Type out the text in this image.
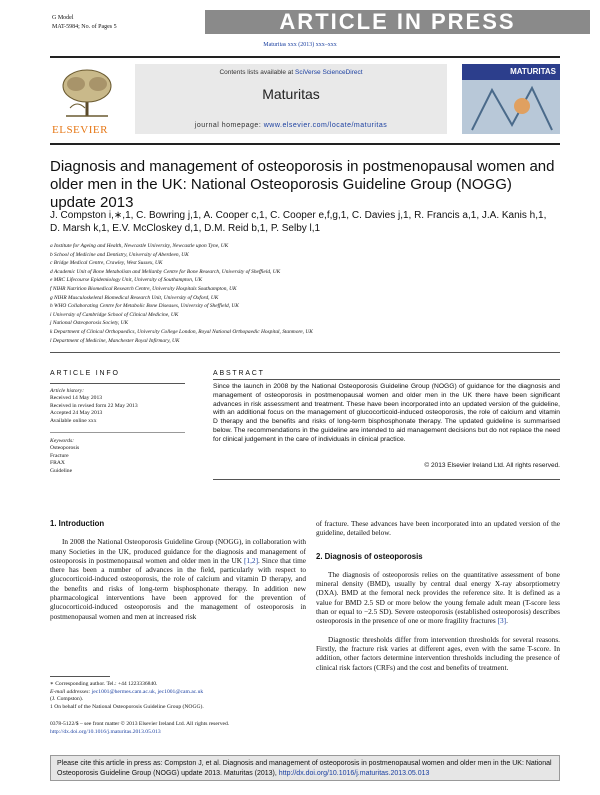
G Model
MAT-5984; No. of Pages 5	ARTICLE IN PRESS
Maturitas xxx (2013) xxx–xxx
ELSEVIER
Contents lists available at SciVerse ScienceDirect
Maturitas
journal homepage: www.elsevier.com/locate/maturitas
MATURITAS
Diagnosis and management of osteoporosis in postmenopausal women and older men in the UK: National Osteoporosis Guideline Group (NOGG) update 2013
J. Compston i,∗,1, C. Bowring j,1, A. Cooper c,1, C. Cooper e,f,g,1, C. Davies j,1, R. Francis a,1, J.A. Kanis h,1,
D. Marsh k,1, E.V. McCloskey d,1, D.M. Reid b,1, P. Selby l,1
a Institute for Ageing and Health, Newcastle University, Newcastle upon Tyne, UK
b School of Medicine and Dentistry, University of Aberdeen, UK
c Bridge Medical Centre, Crawley, West Sussex, UK
d Academic Unit of Bone Metabolism and Mellanby Centre for Bone Research, University of Sheffield, UK
e MRC Lifecourse Epidemiology Unit, University of Southampton, UK
f NIHR Nutrition Biomedical Research Centre, University Hospitals Southampton, UK
g NIHR Musculoskeletal Biomedical Research Unit, University of Oxford, UK
h WHO Collaborating Centre for Metabolic Bone Diseases, University of Sheffield, UK
i University of Cambridge School of Clinical Medicine, UK
j National Osteoporosis Society, UK
k Department of Clinical Orthopaedics, University College London, Royal National Orthopaedic Hospital, Stanmore, UK
l Department of Medicine, Manchester Royal Infirmary, UK
ARTICLE INFO
Article history:
Received 14 May 2013
Received in revised form 22 May 2013
Accepted 24 May 2013
Available online xxx
Keywords:
Osteoporosis
Fracture
FRAX
Guideline
ABSTRACT
Since the launch in 2008 by the National Osteoporosis Guideline Group (NOGG) of guidance for the diagnosis and management of osteoporosis in postmenopausal women and older men in the UK there have been significant advances in risk assessment and treatment. These have been incorporated into an updated version of the guideline, with an additional focus on the management of glucocorticoid-induced osteoporosis, the role of calcium and vitamin D therapy and the benefits and risks of long-term bisphosphonate therapy. The updated guideline is summarised below. The recommendations in the guideline are intended to aid management decisions but do not replace the need for clinical judgement in the care of individuals in clinical practice.
© 2013 Elsevier Ireland Ltd. All rights reserved.
1. Introduction

In 2008 the National Osteoporosis Guideline Group (NOGG), in collaboration with many Societies in the UK, produced guidance for the diagnosis and management of osteoporosis in postmenopausal women and older men in the UK [1,2]. Since that time there has been a number of advances in the field, particularly with respect to glucocorticoid-induced osteoporosis, the role of calcium and vitamin D therapy, and the benefits and risks of long-term bisphosphonate therapy. In addition new pharmacological interventions have been approved for the prevention of glucocorticoid-induced osteoporosis and the management of osteoporosis in postmenopausal women and men at increased risk

of fracture. These advances have been incorporated into an updated version of the guideline, detailed below.

2. Diagnosis of osteoporosis

The diagnosis of osteoporosis relies on the quantitative assessment of bone mineral density (BMD), usually by central dual energy X-ray absorptiometry (DXA). BMD at the femoral neck provides the reference site. It is defined as a value for BMD 2.5 SD or more below the young female adult mean (T-score less than or equal to −2.5 SD). Severe osteoporosis (established osteoporosis) describes osteoporosis in the presence of one or more fragility fractures [3].

Diagnostic thresholds differ from intervention thresholds for several reasons. Firstly, the fracture risk varies at different ages, even with the same T-score. In addition, other factors determine intervention thresholds including the presence of clinical risk factors (CRFs) and the cost and benefits of treatment.

∗ Corresponding author. Tel.: +44 1223336840.
E-mail addresses: jec1001@hermes.cam.ac.uk, jec1001@cam.ac.uk
(J. Compston).
1 On behalf of the National Osteoporosis Guideline Group (NOGG).
0378-5122/$ – see front matter © 2013 Elsevier Ireland Ltd. All rights reserved.
http://dx.doi.org/10.1016/j.maturitas.2013.05.013
Please cite this article in press as: Compston J, et al. Diagnosis and management of osteoporosis in postmenopausal women and older men in the UK: National Osteoporosis Guideline Group (NOGG) update 2013. Maturitas (2013), http://dx.doi.org/10.1016/j.maturitas.2013.05.013
